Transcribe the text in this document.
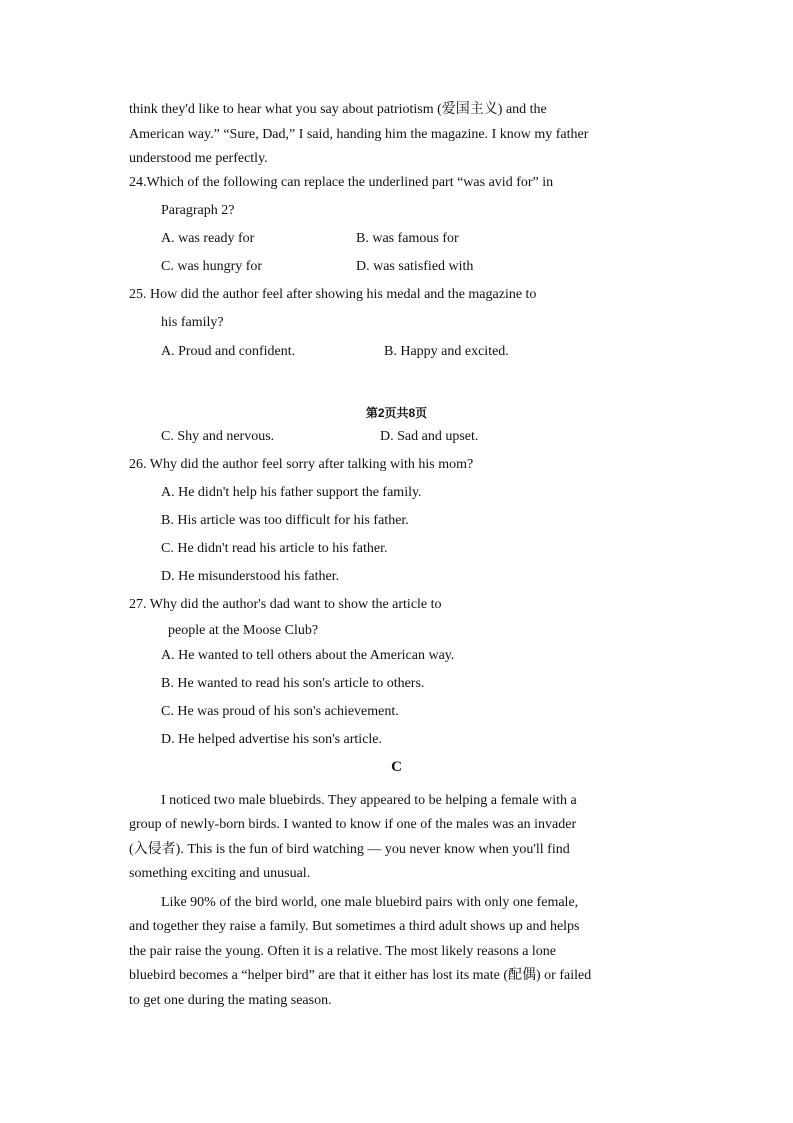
think they'd like to hear what you say about patriotism (爱国主义) and the
American way.” “Sure, Dad,” I said, handing him the magazine. I know my father
understood me perfectly.
24.Which of the following can replace the underlined part “was avid for” in
Paragraph 2?
A. was ready for	B. was famous for
C. was hungry for	D. was satisfied with
25. How did the author feel after showing his medal and the magazine to
his family?
A. Proud and confident.	B. Happy and excited.
第2页共8页
C. Shy and nervous.	D. Sad and upset.
26. Why did the author feel sorry after talking with his mom?
A. He didn't help his father support the family.
B. His article was too difficult for his father.
C. He didn't read his article to his father.
D. He misunderstood his father.
27. Why did the author's dad want to show the article to
people at the Moose Club?
A. He wanted to tell others about the American way.
B. He wanted to read his son's article to others.
C. He was proud of his son's achievement.
D. He helped advertise his son's article.
C
I noticed two male bluebirds. They appeared to be helping a female with a
group of newly-born birds. I wanted to know if one of the males was an invader
(入侵者). This is the fun of bird watching — you never know when you'll find
something exciting and unusual.
Like 90% of the bird world, one male bluebird pairs with only one female,
and together they raise a family. But sometimes a third adult shows up and helps
the pair raise the young. Often it is a relative. The most likely reasons a lone
bluebird becomes a “helper bird” are that it either has lost its mate (配偶) or failed
to get one during the mating season.
